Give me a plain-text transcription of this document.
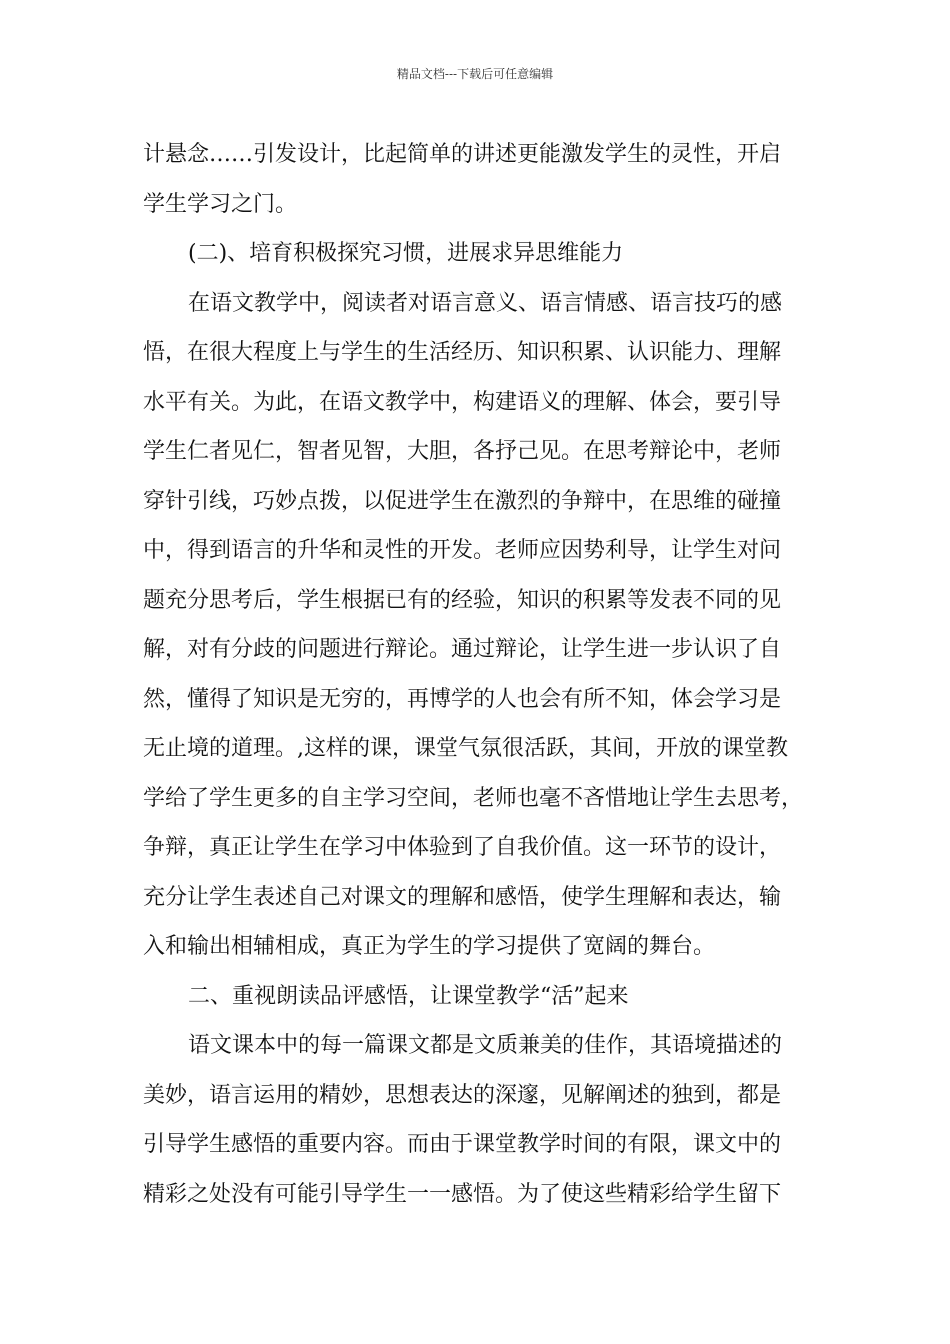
精品文档---下载后可任意编辑
计悬念……引发设计，比起简单的讲述更能激发学生的灵性，开启
学生学习之门。
(二)、培育积极探究习惯，进展求异思维能力
在语文教学中，阅读者对语言意义、语言情感、语言技巧的感
悟，在很大程度上与学生的生活经历、知识积累、认识能力、理解
水平有关。为此，在语文教学中，构建语义的理解、体会，要引导
学生仁者见仁，智者见智，大胆，各抒己见。在思考辩论中，老师
穿针引线，巧妙点拨，以促进学生在激烈的争辩中，在思维的碰撞
中，得到语言的升华和灵性的开发。老师应因势利导，让学生对问
题充分思考后，学生根据已有的经验，知识的积累等发表不同的见
解，对有分歧的问题进行辩论。通过辩论，让学生进一步认识了自
然，懂得了知识是无穷的，再博学的人也会有所不知，体会学习是
无止境的道理。,这样的课，课堂气氛很活跃，其间，开放的课堂教
学给了学生更多的自主学习空间，老师也毫不吝惜地让学生去思考，
争辩，真正让学生在学习中体验到了自我价值。这一环节的设计，
充分让学生表述自己对课文的理解和感悟，使学生理解和表达，输
入和输出相辅相成，真正为学生的学习提供了宽阔的舞台。
二、重视朗读品评感悟，让课堂教学“活”起来
语文课本中的每一篇课文都是文质兼美的佳作，其语境描述的
美妙，语言运用的精妙，思想表达的深邃，见解阐述的独到，都是
引导学生感悟的重要内容。而由于课堂教学时间的有限，课文中的
精彩之处没有可能引导学生一一感悟。为了使这些精彩给学生留下
